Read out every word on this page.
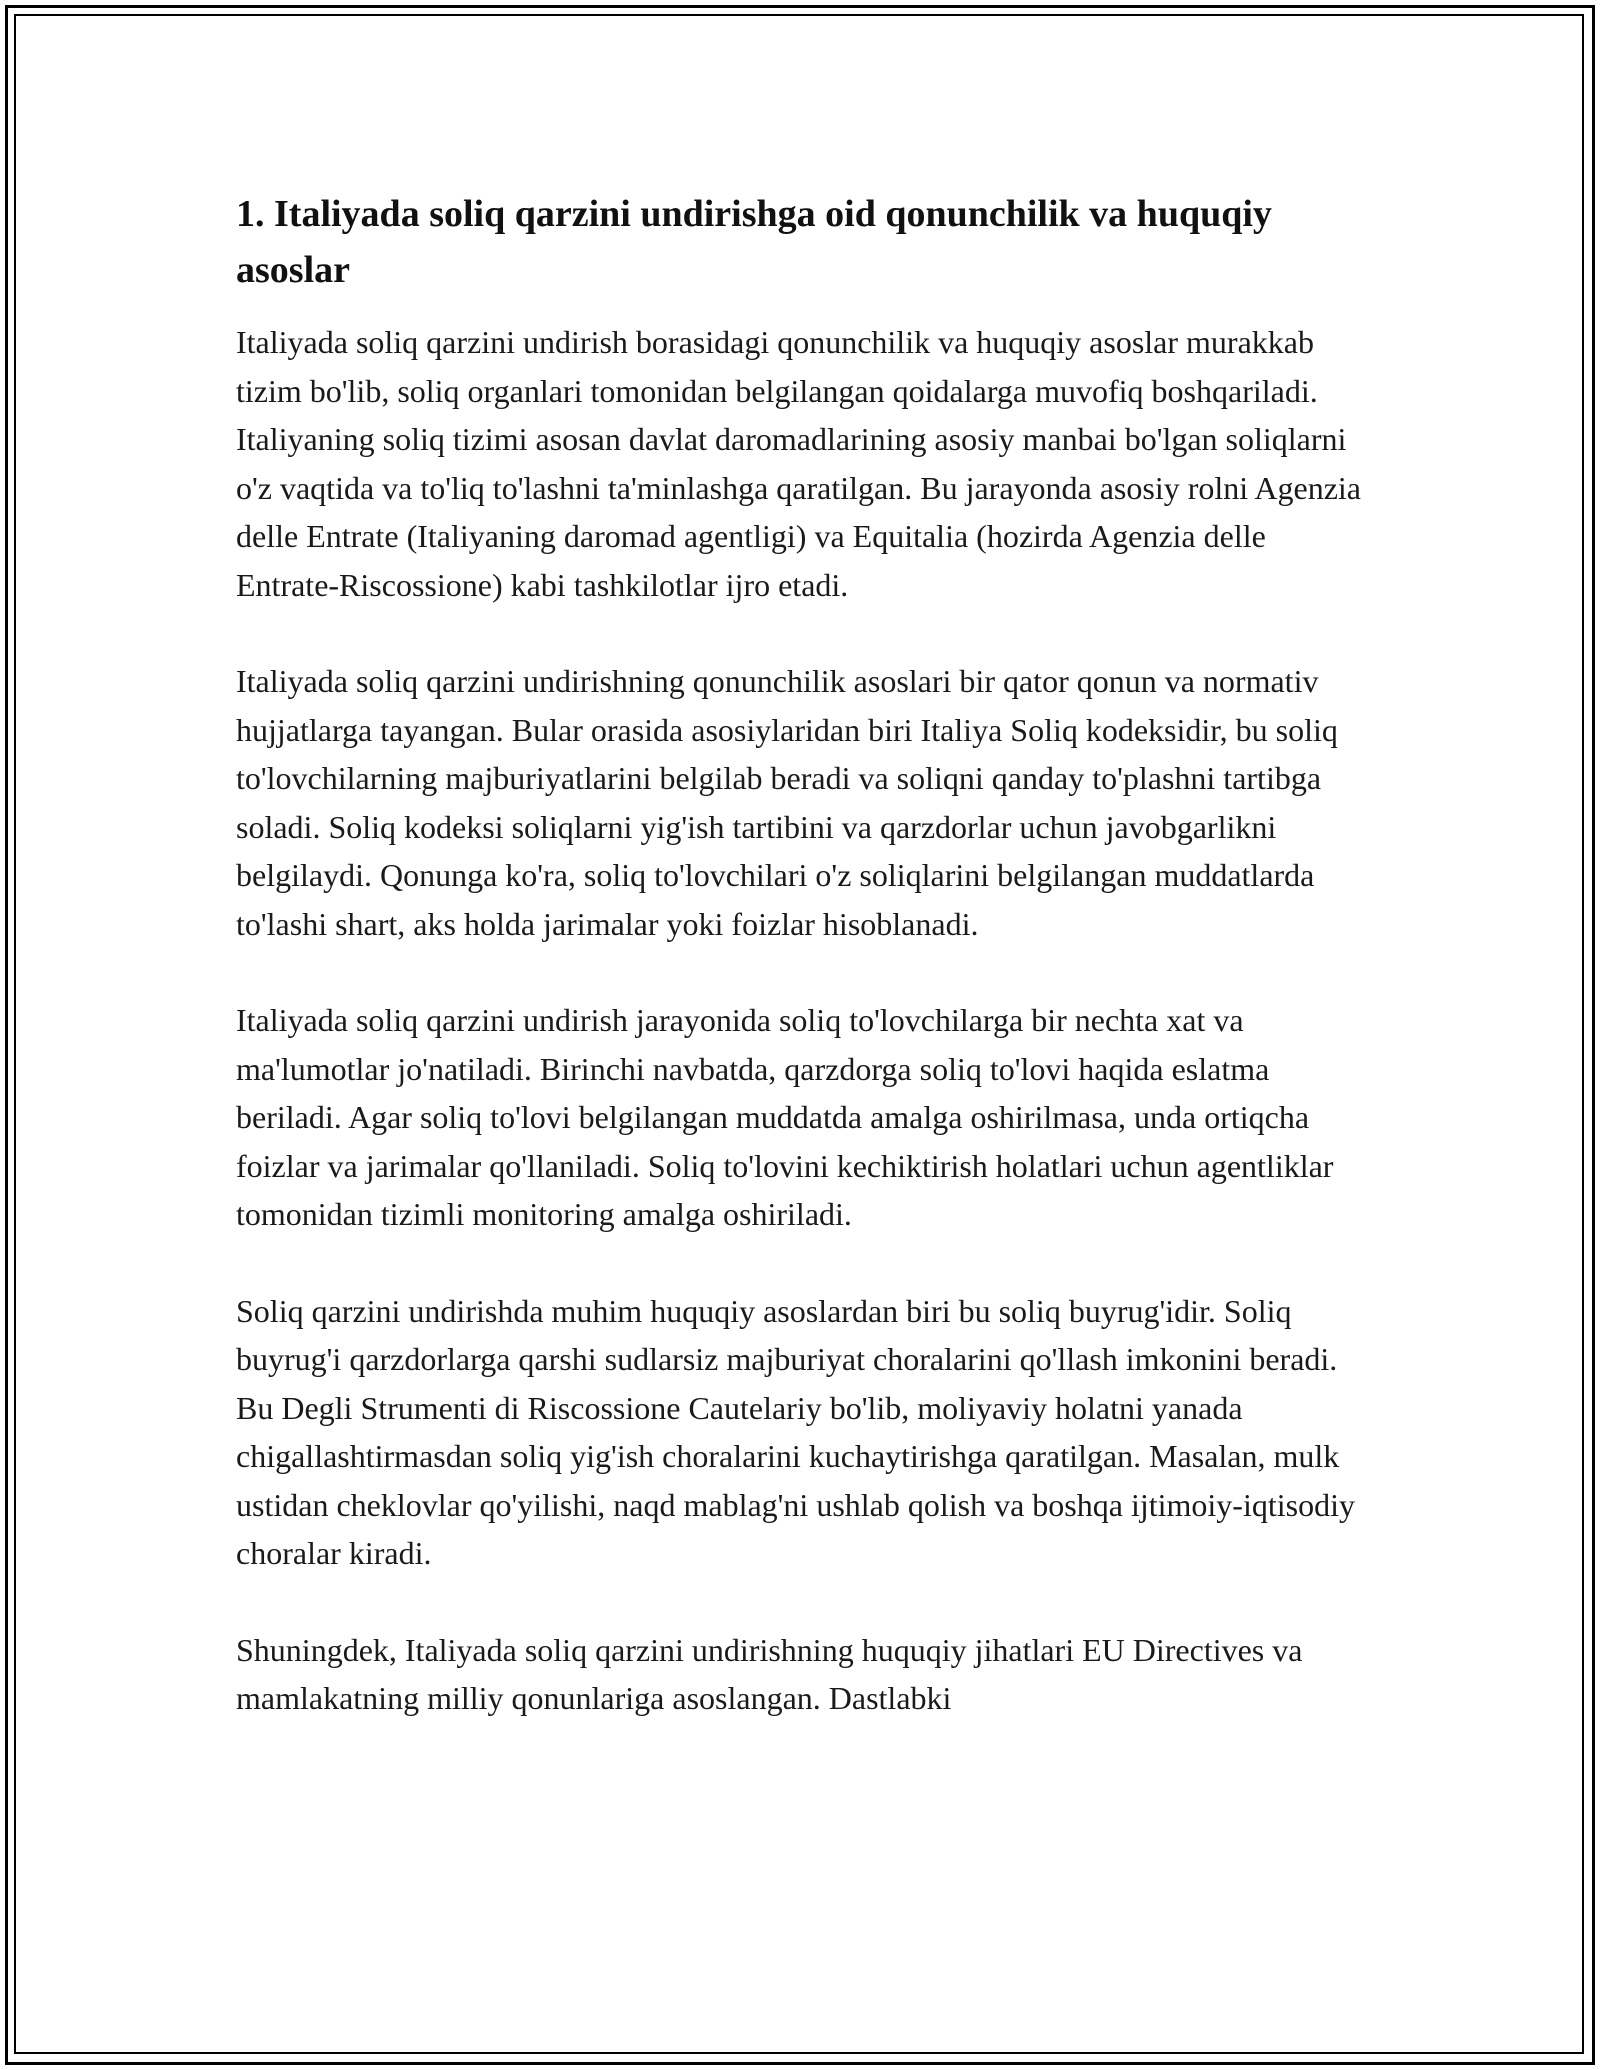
1. Italiyada soliq qarzini undirishga oid qonunchilik va huquqiy asoslar

Italiyada soliq qarzini undirish borasidagi qonunchilik va huquqiy asoslar murakkab tizim bo'lib, soliq organlari tomonidan belgilangan qoidalarga muvofiq boshqariladi. Italiyaning soliq tizimi asosan davlat daromadlarining asosiy manbai bo'lgan soliqlarni o'z vaqtida va to'liq to'lashni ta'minlashga qaratilgan. Bu jarayonda asosiy rolni Agenzia delle Entrate (Italiyaning daromad agentligi) va Equitalia (hozirda Agenzia delle Entrate-Riscossione) kabi tashkilotlar ijro etadi.

Italiyada soliq qarzini undirishning qonunchilik asoslari bir qator qonun va normativ hujjatlarga tayangan. Bular orasida asosiylaridan biri Italiya Soliq kodeksidir, bu soliq to'lovchilarning majburiyatlarini belgilab beradi va soliqni qanday to'plashni tartibga soladi. Soliq kodeksi soliqlarni yig'ish tartibini va qarzdorlar uchun javobgarlikni belgilaydi. Qonunga ko'ra, soliq to'lovchilari o'z soliqlarini belgilangan muddatlarda to'lashi shart, aks holda jarimalar yoki foizlar hisoblanadi.

Italiyada soliq qarzini undirish jarayonida soliq to'lovchilarga bir nechta xat va ma'lumotlar jo'natiladi. Birinchi navbatda, qarzdorga soliq to'lovi haqida eslatma beriladi. Agar soliq to'lovi belgilangan muddatda amalga oshirilmasa, unda ortiqcha foizlar va jarimalar qo'llaniladi. Soliq to'lovini kechiktirish holatlari uchun agentliklar tomonidan tizimli monitoring amalga oshiriladi.

Soliq qarzini undirishda muhim huquqiy asoslardan biri bu soliq buyrug'idir. Soliq buyrug'i qarzdorlarga qarshi sudlarsiz majburiyat choralarini qo'llash imkonini beradi. Bu Degli Strumenti di Riscossione Cautelariy bo'lib, moliyaviy holatni yanada chigallashtirmasdan soliq yig'ish choralarini kuchaytirishga qaratilgan. Masalan, mulk ustidan cheklovlar qo'yilishi, naqd mablag'ni ushlab qolish va boshqa ijtimoiy-iqtisodiy choralar kiradi.

Shuningdek, Italiyada soliq qarzini undirishning huquqiy jihatlari EU Directives va mamlakatning milliy qonunlariga asoslangan. Dastlabki
